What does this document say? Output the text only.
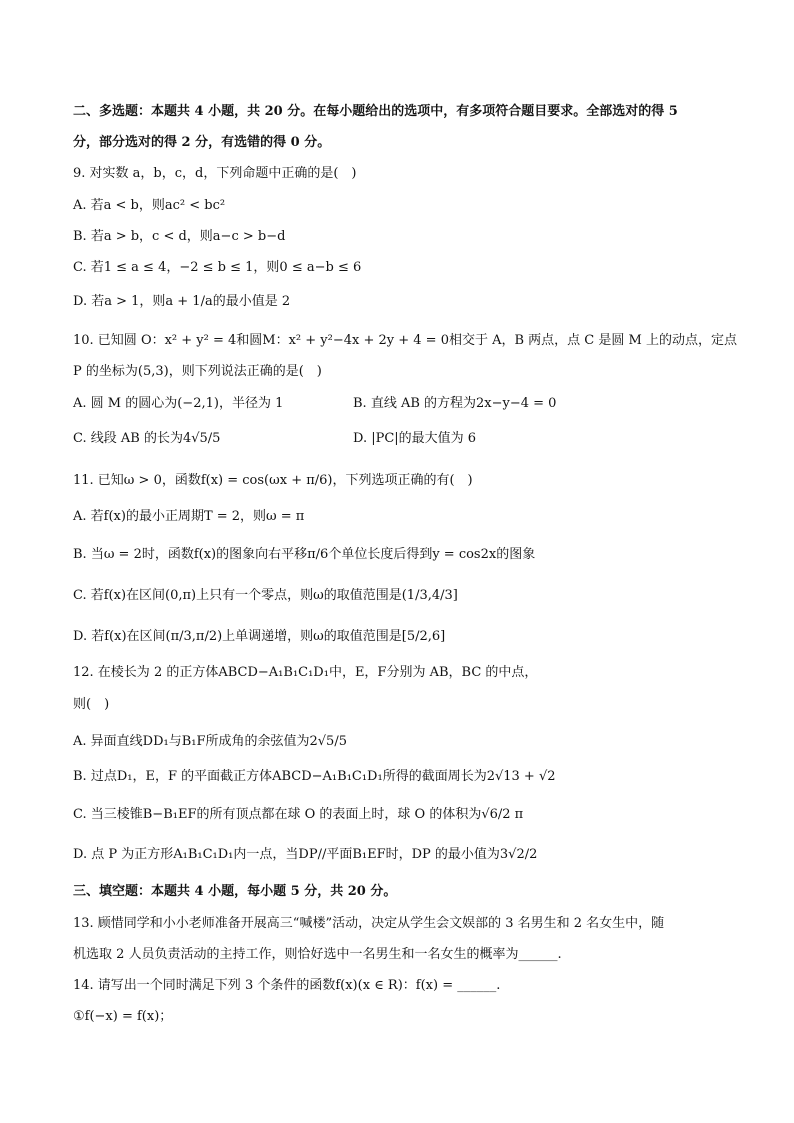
二、多选题：本题共 4 小题，共 20 分。在每小题给出的选项中，有多项符合题目要求。全部选对的得 5
分，部分选对的得 2 分，有选错的得 0 分。
9. 对实数 a，b，c，d，下列命题中正确的是(　)
A. 若a < b，则ac² < bc²
B. 若a > b，c < d，则a−c > b−d
C. 若1 ≤ a ≤ 4，−2 ≤ b ≤ 1，则0 ≤ a−b ≤ 6
D. 若a > 1，则a + 1/a的最小值是 2
10. 已知圆 O：x² + y² = 4和圆M：x² + y²−4x + 2y + 4 = 0相交于 A，B 两点，点 C 是圆 M 上的动点，定点
P 的坐标为(5,3)，则下列说法正确的是(　)
A. 圆 M 的圆心为(−2,1)，半径为 1	B. 直线 AB 的方程为2x−y−4 = 0
C. 线段 AB 的长为4√5/5	D. |PC|的最大值为 6
11. 已知ω > 0，函数f(x) = cos(ωx + π/6)，下列选项正确的有(　)
A. 若f(x)的最小正周期T = 2，则ω = π
B. 当ω = 2时，函数f(x)的图象向右平移π/6个单位长度后得到y = cos2x的图象
C. 若f(x)在区间(0,π)上只有一个零点，则ω的取值范围是(1/3,4/3]
D. 若f(x)在区间(π/3,π/2)上单调递增，则ω的取值范围是[5/2,6]
12. 在棱长为 2 的正方体ABCD−A₁B₁C₁D₁中，E，F分别为 AB，BC 的中点，
则(　)
A. 异面直线DD₁与B₁F所成角的余弦值为2√5/5
B. 过点D₁，E，F 的平面截正方体ABCD−A₁B₁C₁D₁所得的截面周长为2√13 + √2
C. 当三棱锥B−B₁EF的所有顶点都在球 O 的表面上时，球 O 的体积为√6/2 π
D. 点 P 为正方形A₁B₁C₁D₁内一点，当DP//平面B₁EF时，DP 的最小值为3√2/2
三、填空题：本题共 4 小题，每小题 5 分，共 20 分。
13. 顾惜同学和小小老师准备开展高三“喊楼”活动，决定从学生会文娱部的 3 名男生和 2 名女生中，随
机选取 2 人员负责活动的主持工作，则恰好选中一名男生和一名女生的概率为______.
14. 请写出一个同时满足下列 3 个条件的函数f(x)(x ∈ R)：f(x) = ______.
①f(−x) = f(x)；
